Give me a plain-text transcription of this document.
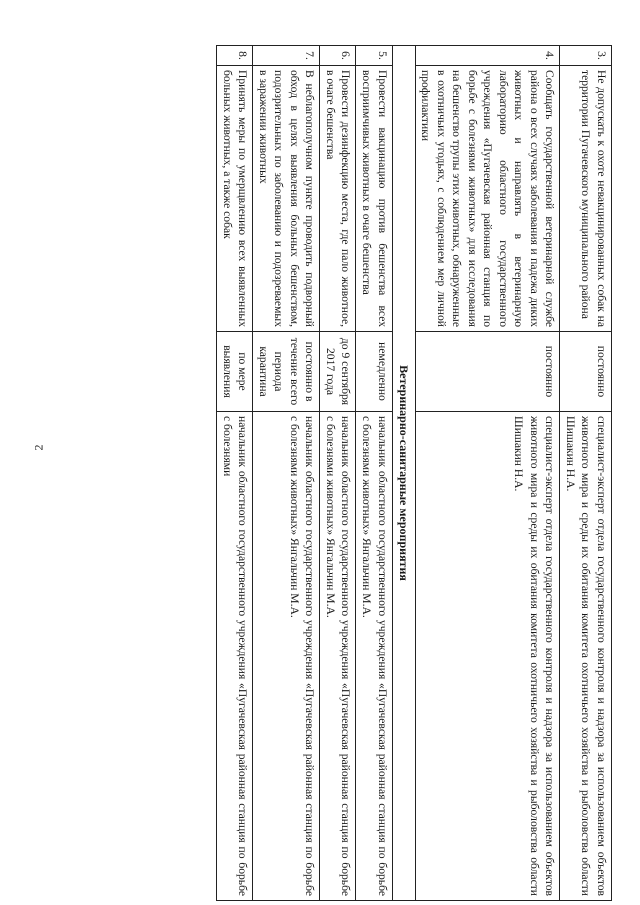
2
3.	Не допускать к охоте невакцинированных собак на территории Пугачевского муниципального района	постоянно	специалист-эксперт отдела государственного контроля и надзора за использованием объектов животного мира и среды их обитания комитета охотничьего хозяйства и рыболовства области Шишакин Н.А.
4.	Сообщать государственной ветеринарной службе района о всех случаях заболевания и падежа диких животных и направлять в ветеринарную лабораторию областного государственного учреждения «Пугачевская районная станция по борьбе с болезнями животных» для исследования на бешенство трупы этих животных, обнаруженные в охотничьих угодьях, с соблюдением мер личной профилактики	постоянно	специалист-эксперт отдела государственного контроля и надзора за использованием объектов животного мира и среды их обитания комитета охотничьего хозяйства и рыболовства области Шишакин Н.А.
Ветеринарно-санитарные мероприятия			
5.	Провести вакцинацию против бешенства всех восприимчивых животных в очаге бешенства	немедленно	начальник областного государственного учреждения «Пугачевская районная станция по борьбе с болезнями животных» Янгальчин М.А.
6.	Провести дезинфекцию места, где пало животное, в очаге бешенства	до 9 сентября 2017 года	начальник областного государственного учреждения «Пугачевская районная станция по борьбе с болезнями животных» Янгальчин М.А.
7.	В неблагополучном пункте проводить подворный обход в целях выявления больных бешенством, подозрительных по заболеванию и подозреваемых в заражении животных	постоянно в течение всего периода карантина	начальник областного государственного учреждения «Пугачевская районная станция по борьбе с болезнями животных» Янгальчин М.А.
8.	Принять меры по умерщвлению всех выявленных больных животных, а также собак	по мере выявления	начальник областного государственного учреждения «Пугачевская районная станция по борьбе с болезнями
